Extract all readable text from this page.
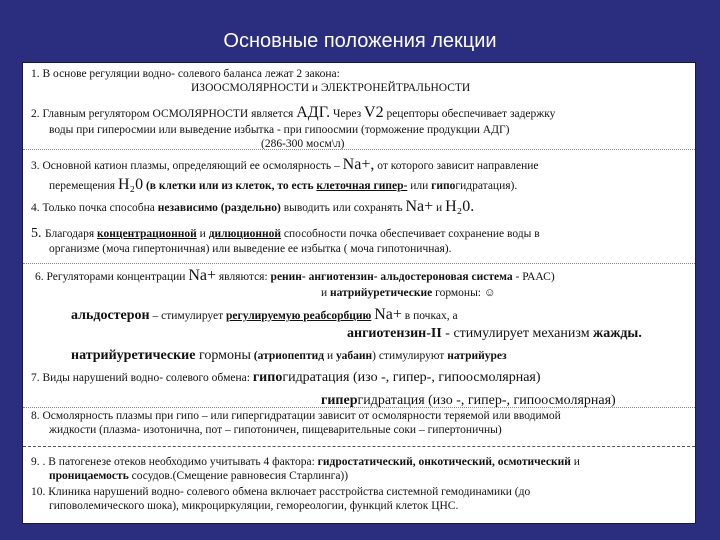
Основные положения лекции
1. В основе регуляции водно- солевого баланса лежат 2 закона:
ИЗООСМОЛЯРНОСТИ и ЭЛЕКТРОНЕЙТРАЛЬНОСТИ
2. Главным регулятором ОСМОЛЯРНОСТИ является АДГ. Через V2 рецепторы обеспечивает задержку
воды при гиперосмии или выведение избытка - при гипоосмии (торможение продукции АДГ)
(286-300 мосм\л)
3. Основной катион плазмы, определяющий ее осмолярность – Na+, от которого зависит направление
перемещения H₂0 (в клетки или из клеток, то есть клеточная гипер- или гипогидратация).
4. Только почка способна независимо (раздельно) выводить или сохранять Na+ и H₂0.
5. Благодаря концентрационной и дилюционной способности почка обеспечивает сохранение воды в
организме (моча гипертоничная) или выведение ее избытка ( моча гипотоничная).
6. Регуляторами концентрации Na+ являются: ренин- ангиотензин- альдостероновая система - РААС)
и натрийуретические гормоны: ☺
альдостерон – стимулирует регулируемую реабсорбцию Na+ в почках, а
ангиотензин-II - стимулирует механизм жажды.
натрийуретические гормоны (атриопептид и уабаин) стимулируют натрийурез
7. Виды нарушений водно- солевого обмена: гипогидратация (изо -, гипер-, гипоосмолярная)
гипергидратация (изо -, гипер-, гипоосмолярная)
8. Осмолярность плазмы при гипо – или гипергидратации зависит от осмолярности теряемой или вводимой
жидкости (плазма- изотонична, пот – гипотоничен, пищеварительные соки – гипертоничны)
9. . В патогенезе отеков необходимо учитывать 4 фактора: гидростатический, онкотический, осмотический и
проницаемость сосудов.(Смещение равновесия Старлинга))
10. Клиника нарушений водно- солевого обмена включает расстройства системной гемодинамики (до
гиповолемического шока), микроциркуляции, гемореологии, функций клеток ЦНС.
